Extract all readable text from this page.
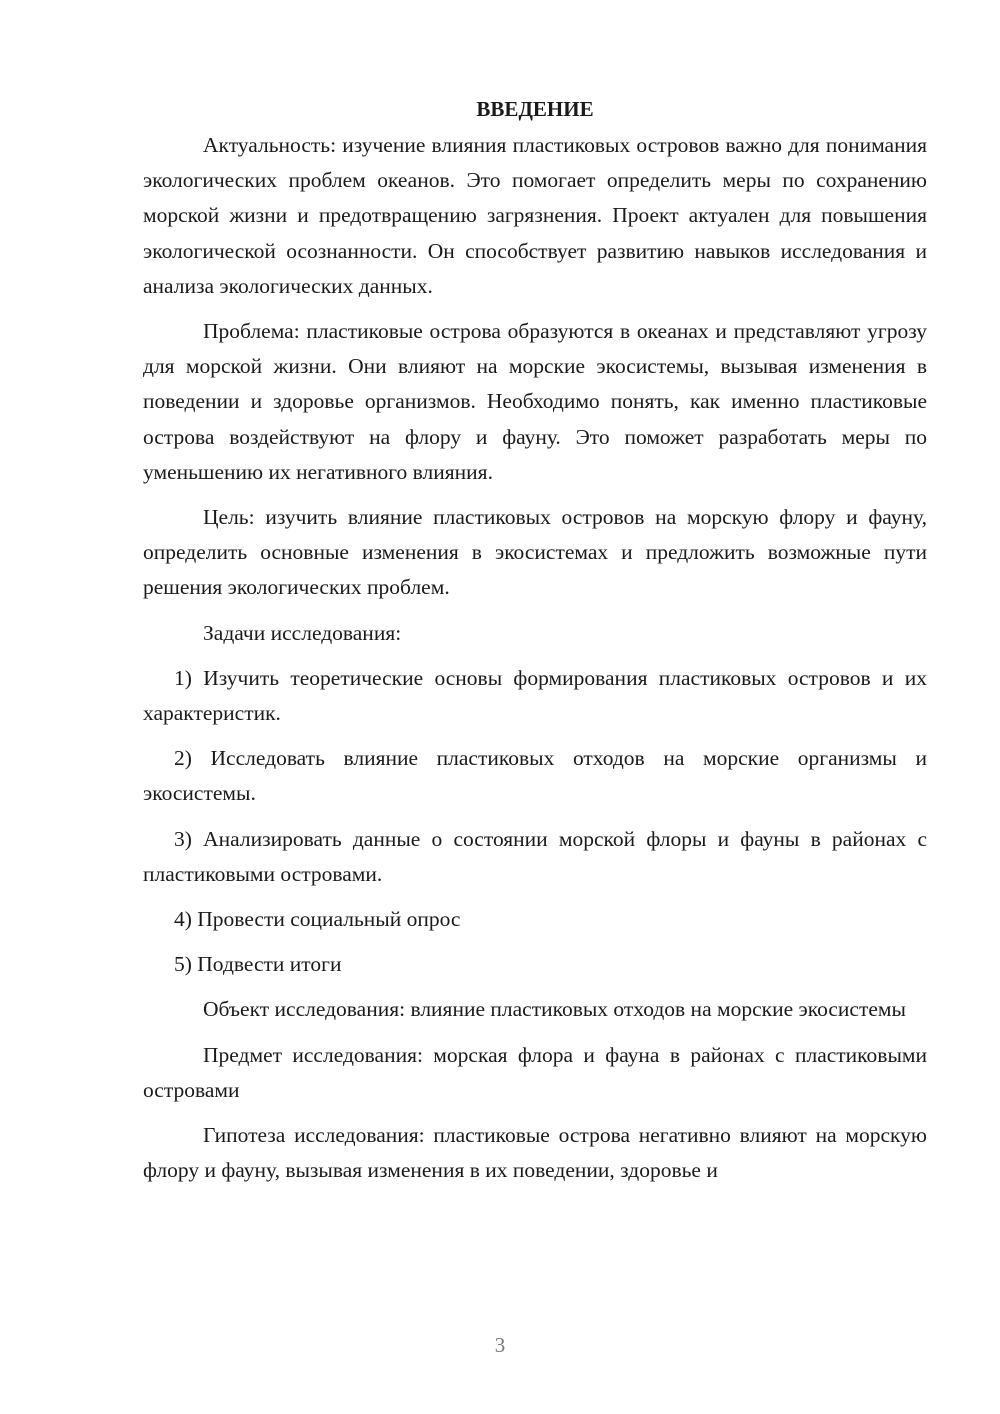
ВВЕДЕНИЕ

Актуальность: изучение влияния пластиковых островов важно для понимания экологических проблем океанов. Это помогает определить меры по сохранению морской жизни и предотвращению загрязнения. Проект актуален для повышения экологической осознанности. Он способствует развитию навыков исследования и анализа экологических данных.

Проблема: пластиковые острова образуются в океанах и представляют угрозу для морской жизни. Они влияют на морские экосистемы, вызывая изменения в поведении и здоровье организмов. Необходимо понять, как именно пластиковые острова воздействуют на флору и фауну. Это поможет разработать меры по уменьшению их негативного влияния.

Цель: изучить влияние пластиковых островов на морскую флору и фауну, определить основные изменения в экосистемах и предложить возможные пути решения экологических проблем.

Задачи исследования:

1) Изучить теоретические основы формирования пластиковых островов и их характеристик.

2) Исследовать влияние пластиковых отходов на морские организмы и экосистемы.

3) Анализировать данные о состоянии морской флоры и фауны в районах с пластиковыми островами.

4) Провести социальный опрос

5) Подвести итоги

Объект исследования: влияние пластиковых отходов на морские экосистемы

Предмет исследования: морская флора и фауна в районах с пластиковыми островами

Гипотеза исследования: пластиковые острова негативно влияют на морскую флору и фауну, вызывая изменения в их поведении, здоровье и

3
